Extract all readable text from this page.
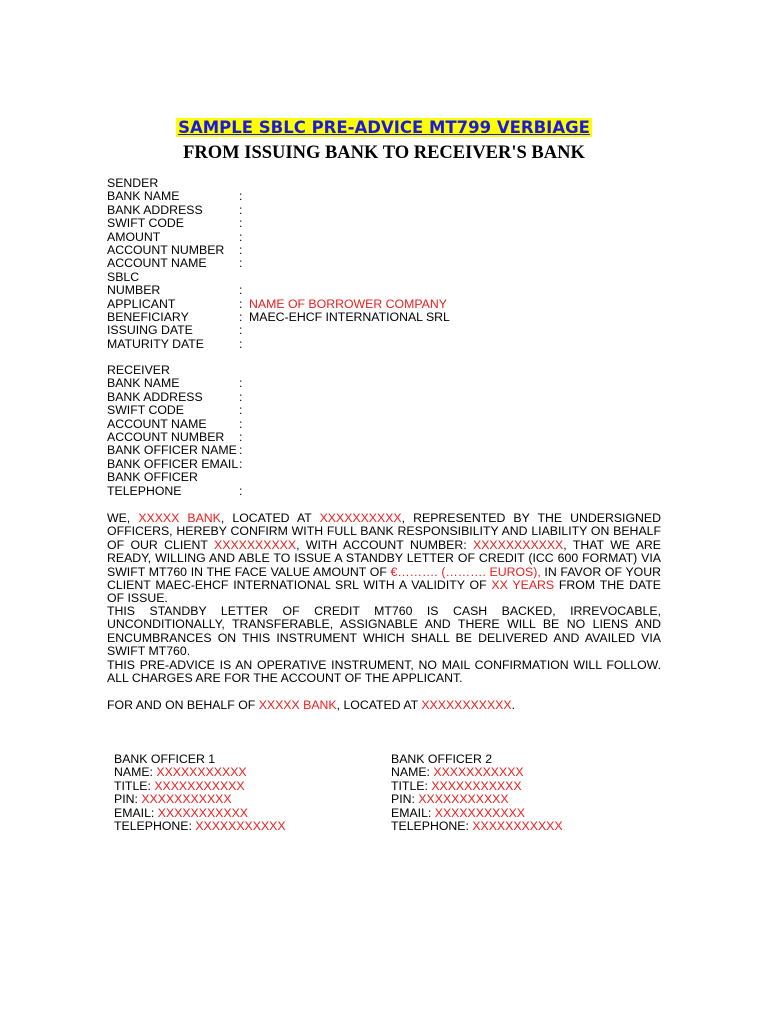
SAMPLE SBLC PRE-ADVICE MT799 VERBIAGE
FROM ISSUING BANK TO RECEIVER'S BANK
SENDER
BANK NAME	:
BANK ADDRESS	:
SWIFT CODE	:
AMOUNT	:
ACCOUNT NUMBER	:
ACCOUNT NAME	:
SBLC
NUMBER	:
APPLICANT	: NAME OF BORROWER COMPANY
BENEFICIARY	: MAEC-EHCF INTERNATIONAL SRL
ISSUING DATE	:
MATURITY DATE	:
RECEIVER
BANK NAME	:
BANK ADDRESS	:
SWIFT CODE	:
ACCOUNT NAME	:
ACCOUNT NUMBER	:
BANK OFFICER NAME :
BANK OFFICER EMAIL :
BANK OFFICER
TELEPHONE	:

WE, XXXXX BANK, LOCATED AT XXXXXXXXXX, REPRESENTED BY THE UNDERSIGNED OFFICERS, HEREBY CONFIRM WITH FULL BANK RESPONSIBILITY AND LIABILITY ON BEHALF OF OUR CLIENT XXXXXXXXXX, WITH ACCOUNT NUMBER: XXXXXXXXXXX, THAT WE ARE READY, WILLING AND ABLE TO ISSUE A STANDBY LETTER OF CREDIT (ICC 600 FORMAT) VIA SWIFT MT760 IN THE FACE VALUE AMOUNT OF €………. (………. EUROS), IN FAVOR OF YOUR CLIENT MAEC-EHCF INTERNATIONAL SRL WITH A VALIDITY OF XX YEARS FROM THE DATE OF ISSUE.

THIS STANDBY LETTER OF CREDIT MT760 IS CASH BACKED, IRREVOCABLE, UNCONDITIONALLY, TRANSFERABLE, ASSIGNABLE AND THERE WILL BE NO LIENS AND ENCUMBRANCES ON THIS INSTRUMENT WHICH SHALL BE DELIVERED AND AVAILED VIA SWIFT MT760.

THIS PRE-ADVICE IS AN OPERATIVE INSTRUMENT, NO MAIL CONFIRMATION WILL FOLLOW. ALL CHARGES ARE FOR THE ACCOUNT OF THE APPLICANT.

FOR AND ON BEHALF OF XXXXX BANK, LOCATED AT XXXXXXXXXXX.

BANK OFFICER 1
NAME: XXXXXXXXXXX
TITLE: XXXXXXXXXXX
PIN: XXXXXXXXXXX
EMAIL: XXXXXXXXXXX
TELEPHONE: XXXXXXXXXXX
BANK OFFICER 2
NAME: XXXXXXXXXXX
TITLE: XXXXXXXXXXX
PIN: XXXXXXXXXXX
EMAIL: XXXXXXXXXXX
TELEPHONE: XXXXXXXXXXX
